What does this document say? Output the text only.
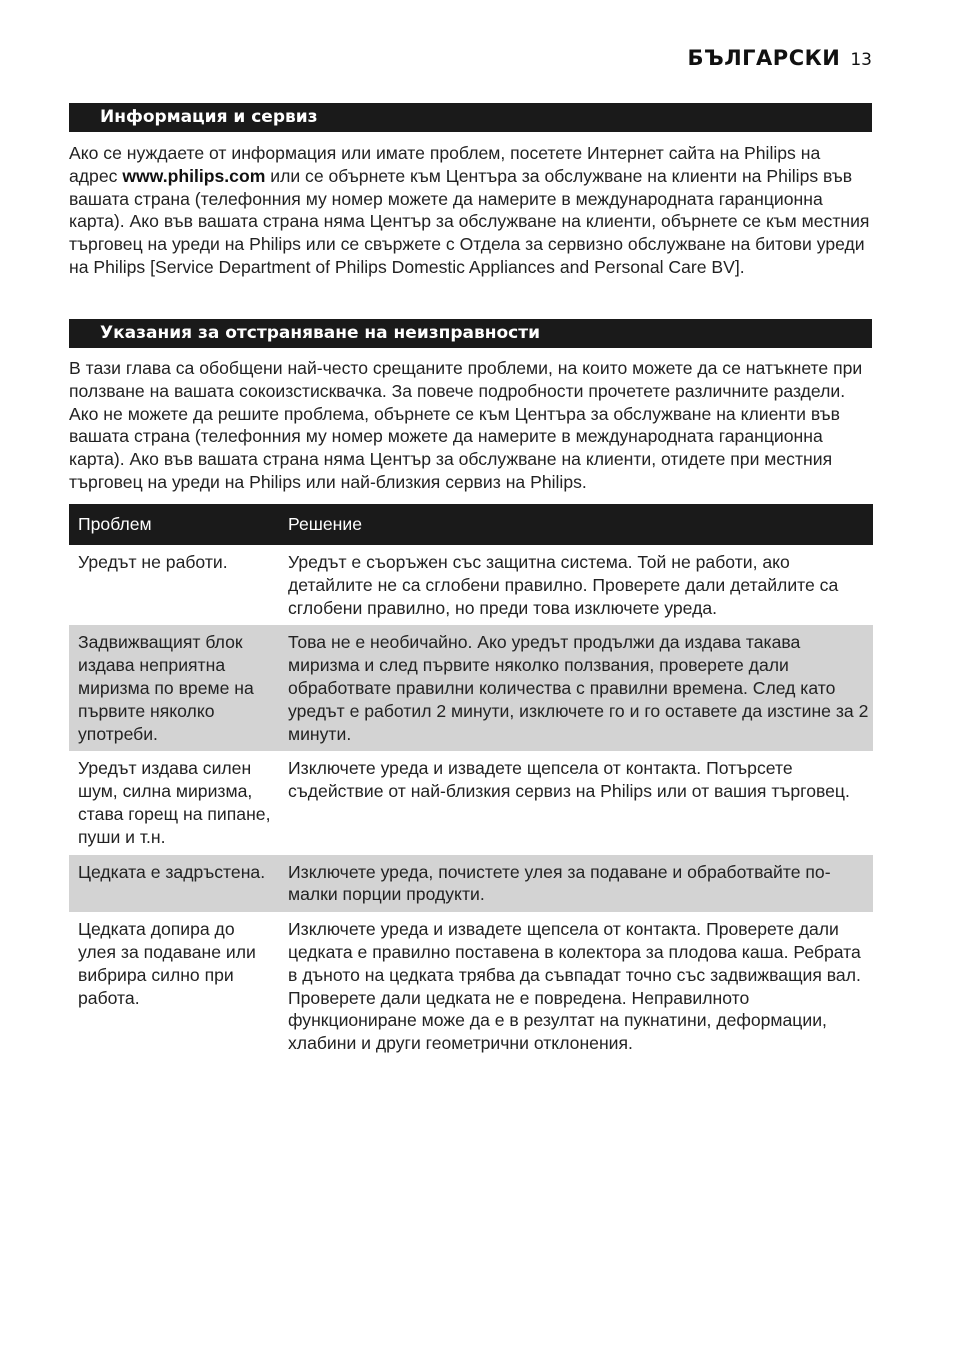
БЪЛГАРСКИ 13
Информация и сервиз

Ако се нуждаете от информация или имате проблем, посетете Интернет сайта на Philips на адрес www.philips.com или се обърнете към Центъра за обслужване на клиенти на Philips във вашата страна (телефонния му номер можете да намерите в международната гаранционна карта). Ако във вашата страна няма Център за обслужване на клиенти, обърнете се към местния търговец на уреди на Philips или се свържете с Отдела за сервизно обслужване на битови уреди на Philips [Service Department of Philips Domestic Appliances and Personal Care BV].

Указания за отстраняване на неизправности

В тази глава са обобщени най-често срещаните проблеми, на които можете да се натъкнете при ползване на вашата сокоизстисквачка. За повече подробности прочетете различните раздели. Ако не можете да решите проблема, обърнете се към Центъра за обслужване на клиенти във вашата страна (телефонния му номер можете да намерите в международната гаранционна карта). Ако във вашата страна няма Център за обслужване на клиенти, отидете при местния търговец на уреди на Philips или най-близкия сервиз на Philips.

Проблем	Решение
Уредът не работи.	Уредът е съоръжен със защитна система. Той не работи, ако детайлите не са сглобени правилно. Проверете дали детайлите са сглобени правилно, но преди това изключете уреда.
Задвижващият блок издава неприятна миризма по време на първите няколко употреби.	Това не е необичайно. Ако уредът продължи да издава такава миризма и след първите няколко ползвания, проверете дали обработвате правилни количества с правилни времена. След като уредът е работил 2 минути, изключете го и го оставете да изстине за 2 минути.
Уредът издава силен шум, силна миризма, става горещ на пипане, пуши и т.н.	Изключете уреда и извадете щепсела от контакта. Потърсете съдействие от най-близкия сервиз на Philips или от вашия търговец.
Цедката е задръстена.	Изключете уреда, почистете улея за подаване и обработвайте по-малки порции продукти.
Цедката допира до улея за подаване или вибрира силно при работа.	Изключете уреда и извадете щепсела от контакта. Проверете дали цедката е правилно поставена в колектора за плодова каша. Ребрата в дъното на цедката трябва да съвпадат точно със задвижващия вал. Проверете дали цедката не е повредена. Неправилното функциониране може да е в резултат на пукнатини, деформации, хлабини и други геометрични отклонения.
